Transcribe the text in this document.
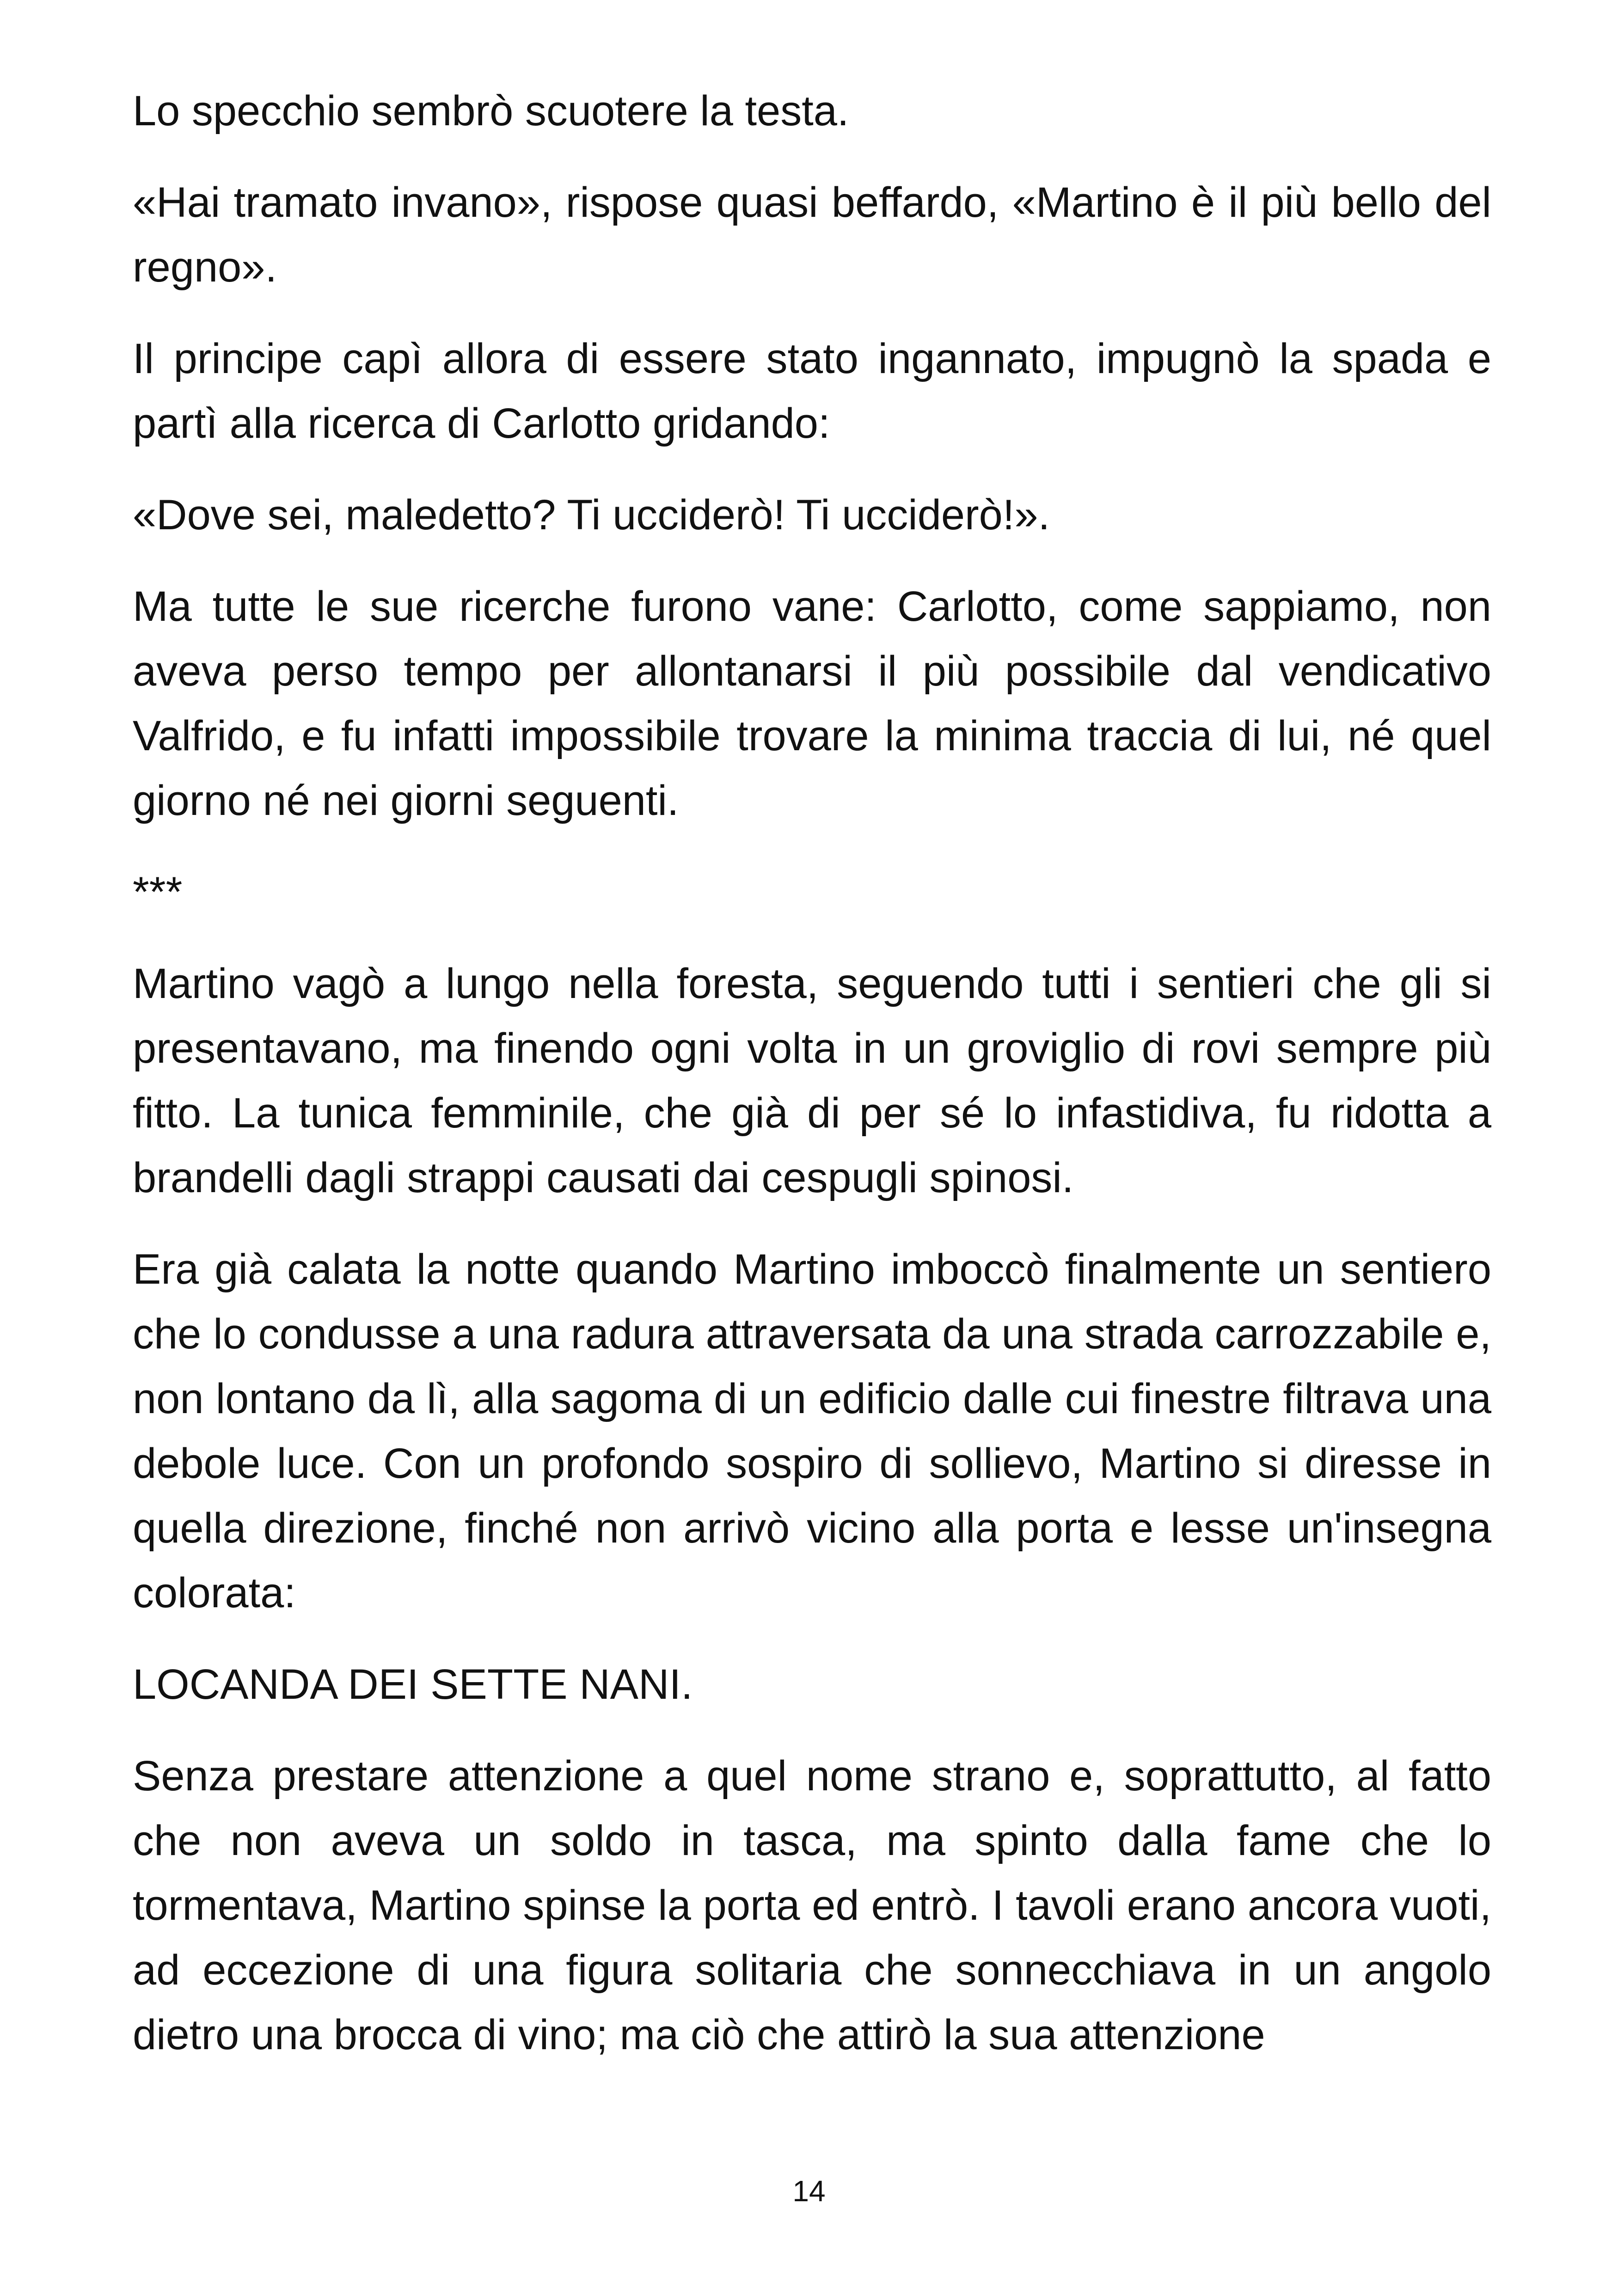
Lo specchio sembrò scuotere la testa.

«Hai tramato invano», rispose quasi beffardo, «Martino è il più bello del regno».

Il principe capì allora di essere stato ingannato, impugnò la spada e partì alla ricerca di Carlotto gridando:

«Dove sei, maledetto? Ti ucciderò! Ti ucciderò!».

Ma tutte le sue ricerche furono vane: Carlotto, come sappiamo, non aveva perso tempo per allontanarsi il più possibile dal vendicativo Valfrido, e fu infatti impossibile trovare la minima traccia di lui, né quel giorno né nei giorni seguenti.

***

Martino vagò a lungo nella foresta, seguendo tutti i sentieri che gli si presentavano, ma finendo ogni volta in un groviglio di rovi sempre più fitto. La tunica femminile, che già di per sé lo infastidiva, fu ridotta a brandelli dagli strappi causati dai cespugli spinosi.

Era già calata la notte quando Martino imboccò finalmente un sentiero che lo condusse a una radura attraversata da una strada carrozzabile e, non lontano da lì, alla sagoma di un edificio dalle cui finestre filtrava una debole luce. Con un profondo sospiro di sollievo, Martino si diresse in quella direzione, finché non arrivò vicino alla porta e lesse un'insegna colorata:

LOCANDA DEI SETTE NANI.

Senza prestare attenzione a quel nome strano e, soprattutto, al fatto che non aveva un soldo in tasca, ma spinto dalla fame che lo tormentava, Martino spinse la porta ed entrò. I tavoli erano ancora vuoti, ad eccezione di una figura solitaria che sonnecchiava in un angolo dietro una brocca di vino; ma ciò che attirò la sua attenzione

14
